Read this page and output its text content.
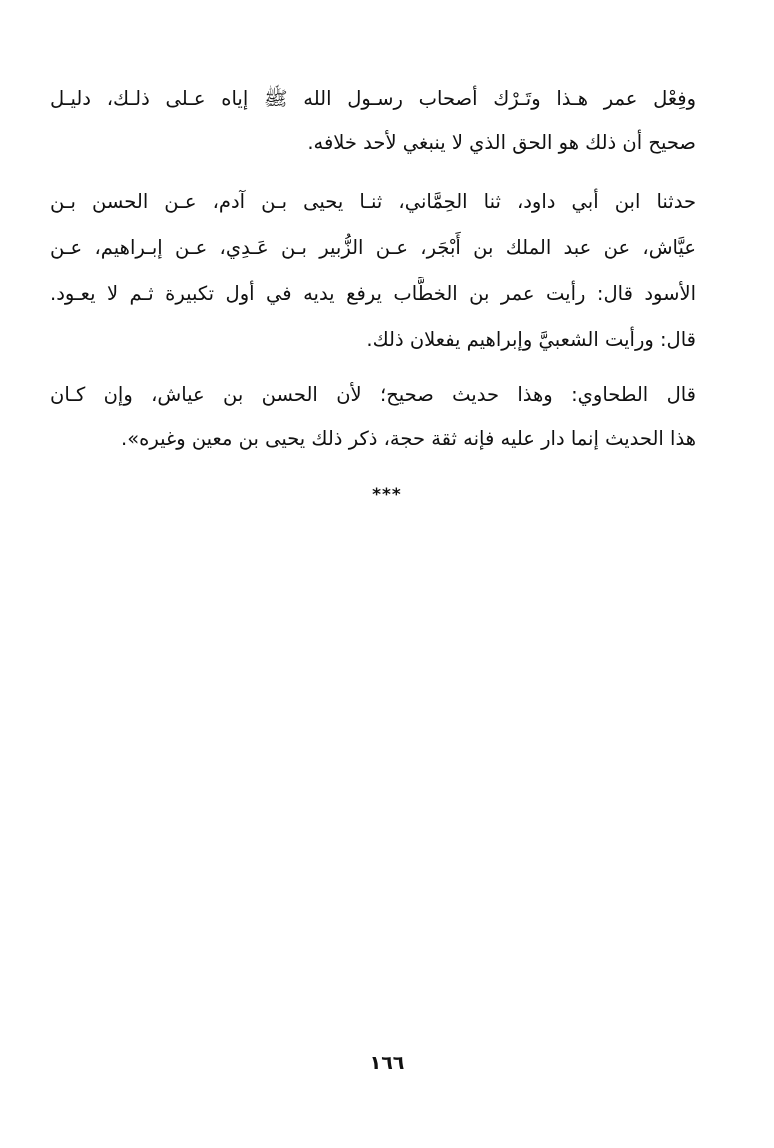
وفِعْل عمر هـذا وتَـرْك أصحاب رسـول الله ﷺ إياه عـلى ذلـك، دليـل
صحيح أن ذلك هو الحق الذي لا ينبغي لأحد خلافه.
حدثنا ابن أبي داود، ثنا الحِمَّاني، ثنـا يحيى بـن آدم، عـن الحسن بـن
عيَّاش، عن عبد الملك بن أَبْجَر، عـن الزُّبير بـن عَـدِي، عـن إبـراهيم، عـن
الأسود قال: رأيت عمر بن الخطَّاب يرفع يديه في أول تكبيرة ثـم لا يعـود.
قال: ورأيت الشعبيَّ وإبراهيم يفعلان ذلك.
قال الطحاوي: وهذا حديث صحيح؛ لأن الحسن بن عياش، وإن كـان
هذا الحديث إنما دار عليه فإنه ثقة حجة، ذكر ذلك يحيى بن معين وغيره».
***
١٦٦
